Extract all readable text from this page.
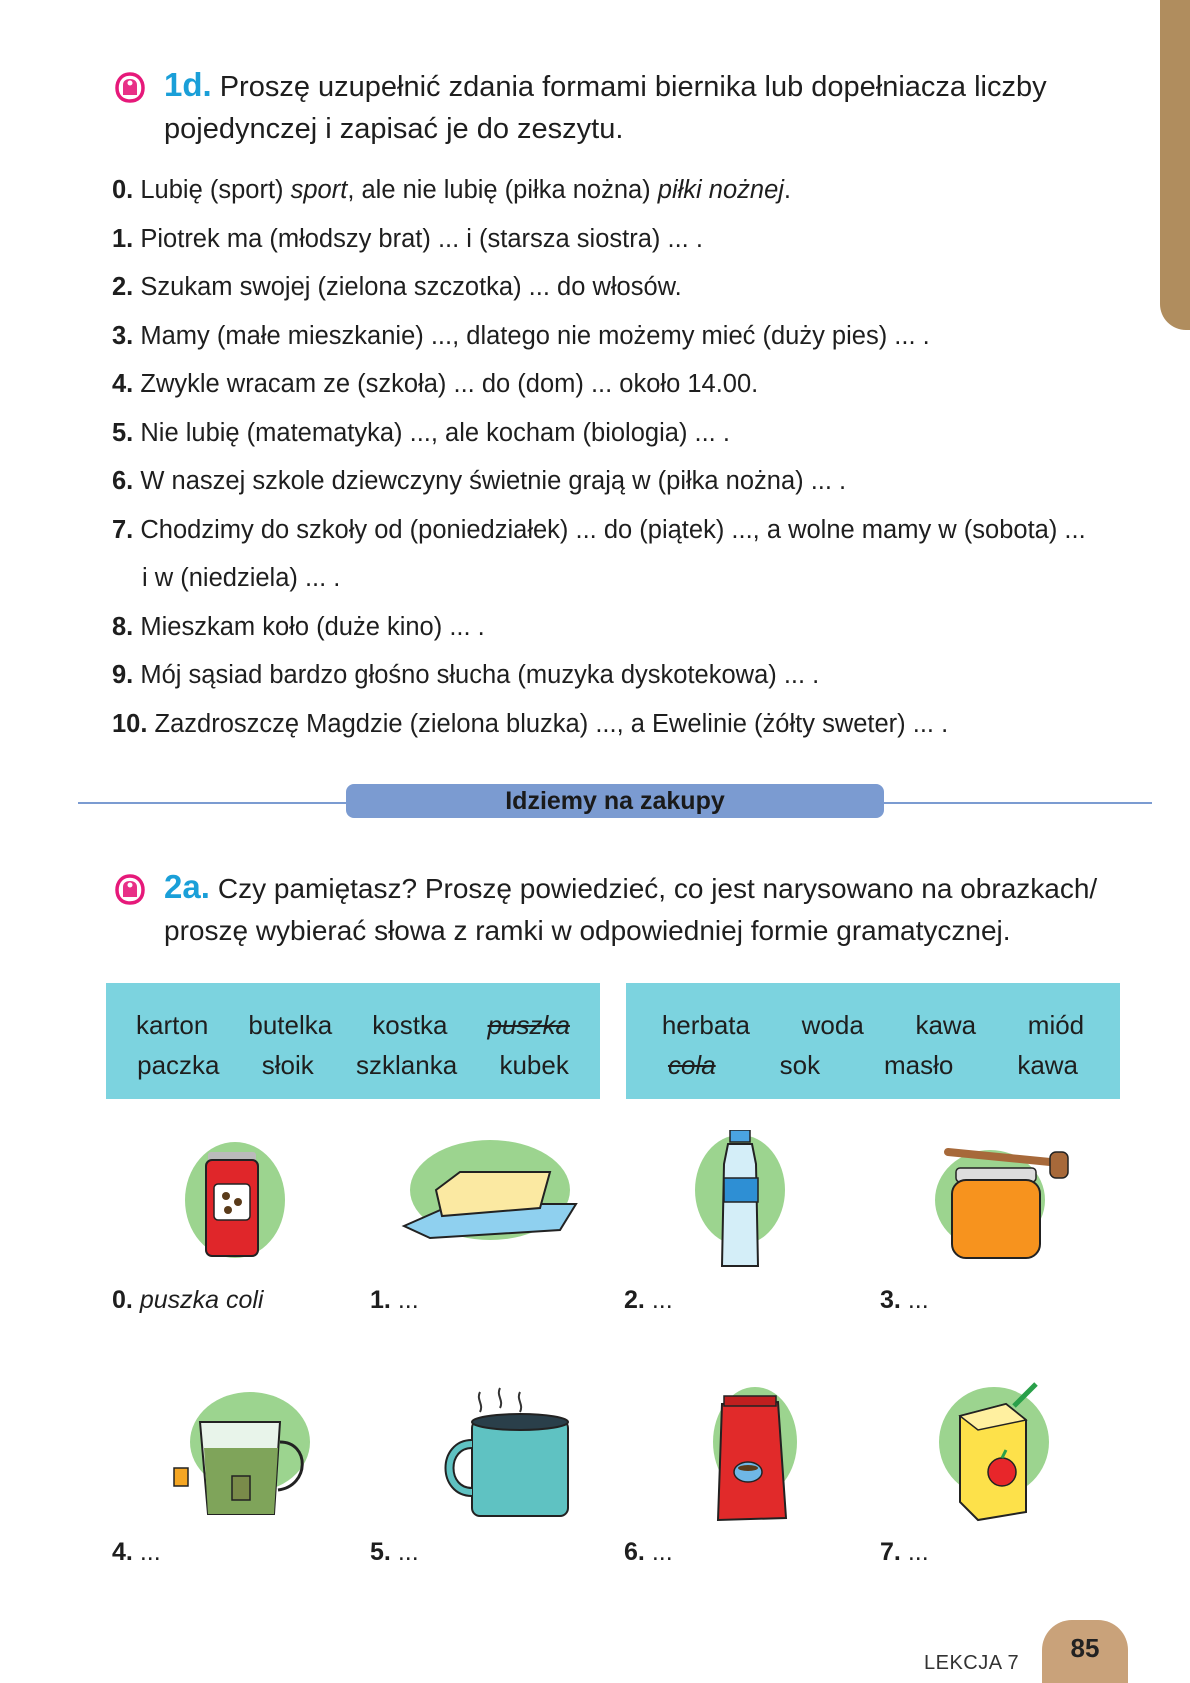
1d. Proszę uzupełnić zdania formami biernika lub dopełniacza liczby pojedynczej i zapisać je do zeszytu.
0. Lubię (sport) sport, ale nie lubię (piłka nożna) piłki nożnej.
1. Piotrek ma (młodszy brat) ... i (starsza siostra) ... .
2. Szukam swojej (zielona szczotka) ... do włosów.
3. Mamy (małe mieszkanie) ..., dlatego nie możemy mieć (duży pies) ... .
4. Zwykle wracam ze (szkoła) ... do (dom) ... około 14.00.
5. Nie lubię (matematyka) ..., ale kocham (biologia) ... .
6. W naszej szkole dziewczyny świetnie grają w (piłka nożna) ... .
7. Chodzimy do szkoły od (poniedziałek) ... do (piątek) ..., a wolne mamy w (sobota) ...
i w (niedziela) ... .
8. Mieszkam koło (duże kino) ... .
9. Mój sąsiad bardzo głośno słucha (muzyka dyskotekowa) ... .
10. Zazdroszczę Magdzie (zielona bluzka) ..., a Ewelinie (żółty sweter) ... .
Idziemy na zakupy
2a. Czy pamiętasz? Proszę powiedzieć, co jest narysowano na obrazkach/ proszę wybierać słowa z ramki w odpowiedniej formie gramatycznej.
karton butelka kostka puszka
paczka słoik szklanka kubek
herbata woda kawa miód
cola sok masło kawa
0. puszka coli	1. ...	2. ...	3. ...
4. ...	5. ...	6. ...	7. ...
LEKCJA 7	85
